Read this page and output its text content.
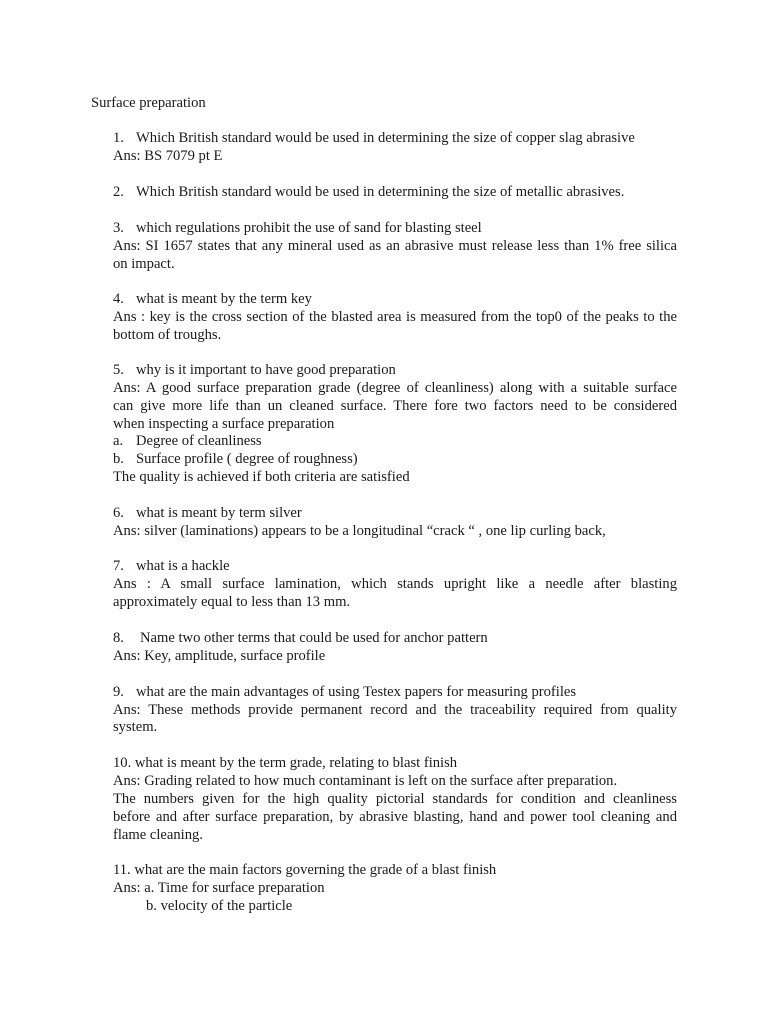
Surface preparation
1. Which British standard would be used in determining the size of copper slag abrasive
Ans: BS 7079 pt E
2. Which British standard would be used in determining the size of metallic abrasives.
3. which regulations prohibit the use of sand for blasting steel
Ans: SI 1657 states that any mineral used as an abrasive must release less than 1% free silica
on impact.
4. what is meant by the term key
Ans : key is the cross section of the blasted area is measured from the top0 of the peaks to the
bottom of troughs.
5. why is it important to have good preparation
Ans: A good surface preparation grade (degree of cleanliness) along with a suitable surface
can give more life than un cleaned surface. There fore two factors need to be considered
when inspecting a surface preparation
a. Degree of cleanliness
b. Surface profile ( degree of roughness)
The quality is achieved if both criteria are satisfied
6. what is meant by term silver
Ans: silver (laminations) appears to be a longitudinal “crack “ , one lip curling back,
7. what is a hackle
Ans : A small surface lamination, which stands upright like a needle after blasting
approximately equal to less than 13 mm.
8. Name two other terms that could be used for anchor pattern
Ans: Key, amplitude, surface profile
9. what are the main advantages of using Testex papers for measuring profiles
Ans: These methods provide permanent record and the traceability required from quality
system.
10. what is meant by the term grade, relating to blast finish
Ans: Grading related to how much contaminant is left on the surface after preparation.
The numbers given for the high quality pictorial standards for condition and cleanliness
before and after surface preparation, by abrasive blasting, hand and power tool cleaning and
flame cleaning.
11. what are the main factors governing the grade of a blast finish
Ans: a. Time for surface preparation
b. velocity of the particle
